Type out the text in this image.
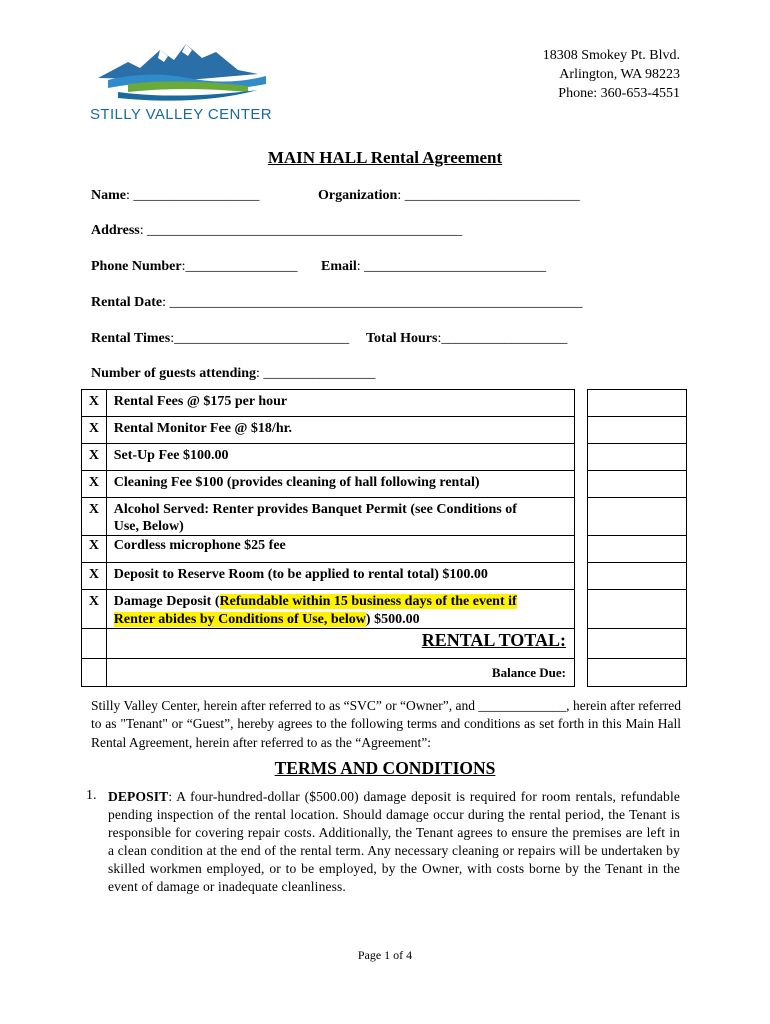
STILLY VALLEY CENTER
18308 Smokey Pt. Blvd.
Arlington, WA 98223
Phone: 360-653-4551
MAIN HALL Rental Agreement
Name: __________________	Organization: _________________________
Address: _____________________________________________
Phone Number:________________ Email: __________________________
Rental Date: ___________________________________________________________
Rental Times:_________________________ Total Hours:__________________
Number of guests attending: ________________
X	Rental Fees @ $175 per hour		

X	Rental Monitor Fee @ $18/hr.		

X	Set-Up Fee $100.00		

X	Cleaning Fee $100 (provides cleaning of hall following rental)		

X	Alcohol Served: Renter provides Banquet Permit (see Conditions of
Use, Below)		

X	Cordless microphone $25 fee		

X	Deposit to Reserve Room (to be applied to rental total) $100.00		

X	Damage Deposit (Refundable within 15 business days of the event if
Renter abides by Conditions of Use, below) $500.00		

	RENTAL TOTAL:		

	Balance Due:		

Stilly Valley Center, herein after referred to as “SVC” or “Owner”, and _____________, herein after referred to as "Tenant" or “Guest”, hereby agrees to the following terms and conditions as set forth in this Main Hall Rental Agreement, herein after referred to as the “Agreement”:
TERMS AND CONDITIONS
1. DEPOSIT: A four-hundred-dollar ($500.00) damage deposit is required for room rentals, refundable pending inspection of the rental location. Should damage occur during the rental period, the Tenant is responsible for covering repair costs. Additionally, the Tenant agrees to ensure the premises are left in a clean condition at the end of the rental term. Any necessary cleaning or repairs will be undertaken by skilled workmen employed, or to be employed, by the Owner, with costs borne by the Tenant in the event of damage or inadequate cleanliness.
Page 1 of 4
